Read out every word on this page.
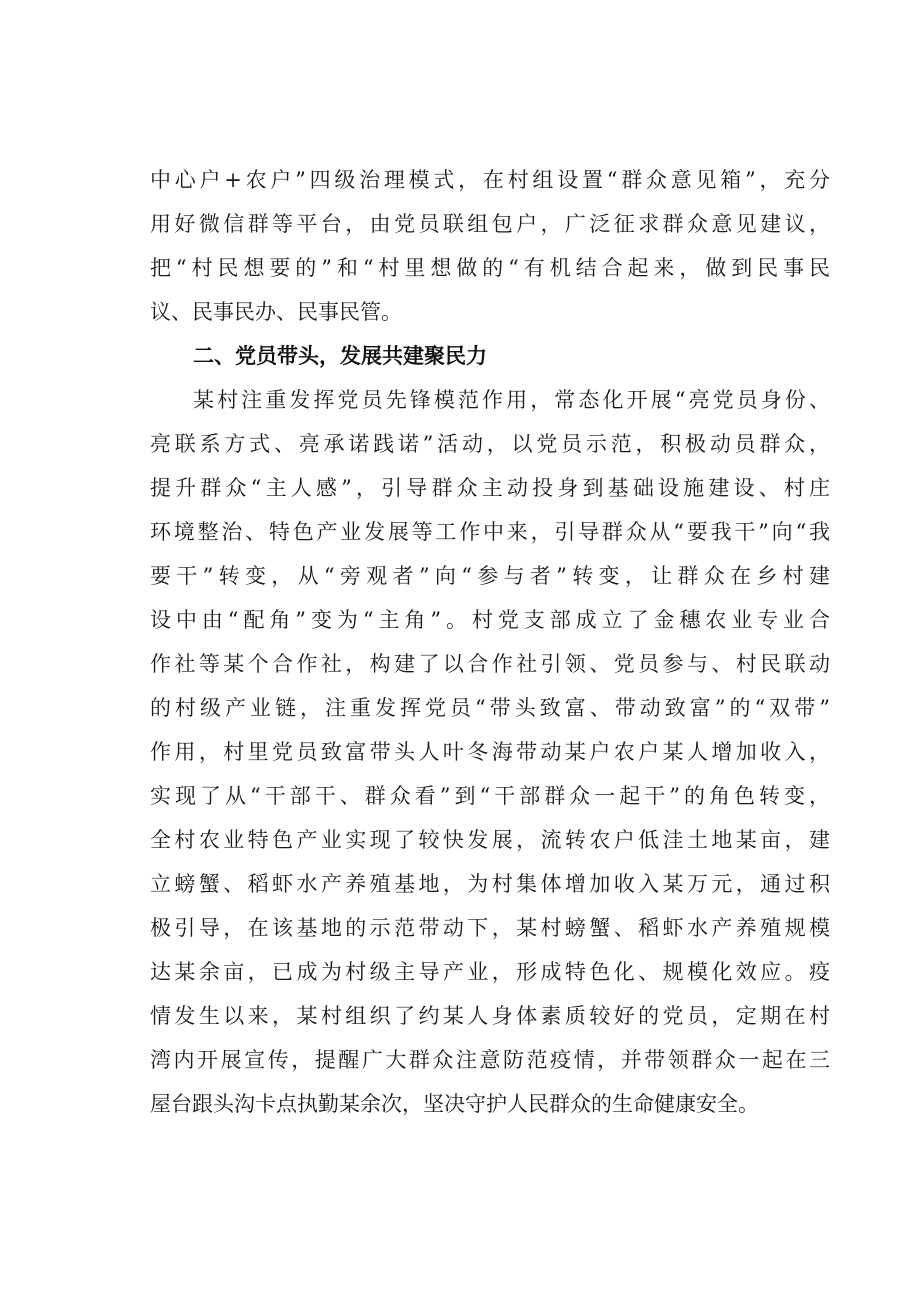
中心户+农户”四级治理模式，在村组设置“群众意见箱”，充分
用好微信群等平台，由党员联组包户，广泛征求群众意见建议，
把“村民想要的”和“村里想做的“有机结合起来，做到民事民
议、民事民办、民事民管。
二、党员带头，发展共建聚民力
某村注重发挥党员先锋模范作用，常态化开展“亮党员身份、
亮联系方式、亮承诺践诺”活动，以党员示范，积极动员群众，
提升群众“主人感”，引导群众主动投身到基础设施建设、村庄
环境整治、特色产业发展等工作中来，引导群众从“要我干”向“我
要干”转变，从“旁观者”向“参与者”转变，让群众在乡村建
设中由“配角”变为“主角”。村党支部成立了金穗农业专业合
作社等某个合作社，构建了以合作社引领、党员参与、村民联动
的村级产业链，注重发挥党员“带头致富、带动致富”的“双带”
作用，村里党员致富带头人叶冬海带动某户农户某人增加收入，
实现了从“干部干、群众看”到“干部群众一起干”的角色转变，
全村农业特色产业实现了较快发展，流转农户低洼土地某亩，建
立螃蟹、稻虾水产养殖基地，为村集体增加收入某万元，通过积
极引导，在该基地的示范带动下，某村螃蟹、稻虾水产养殖规模
达某余亩，已成为村级主导产业，形成特色化、规模化效应。疫
情发生以来，某村组织了约某人身体素质较好的党员，定期在村
湾内开展宣传，提醒广大群众注意防范疫情，并带领群众一起在三
屋台跟头沟卡点执勤某余次，坚决守护人民群众的生命健康安全。
